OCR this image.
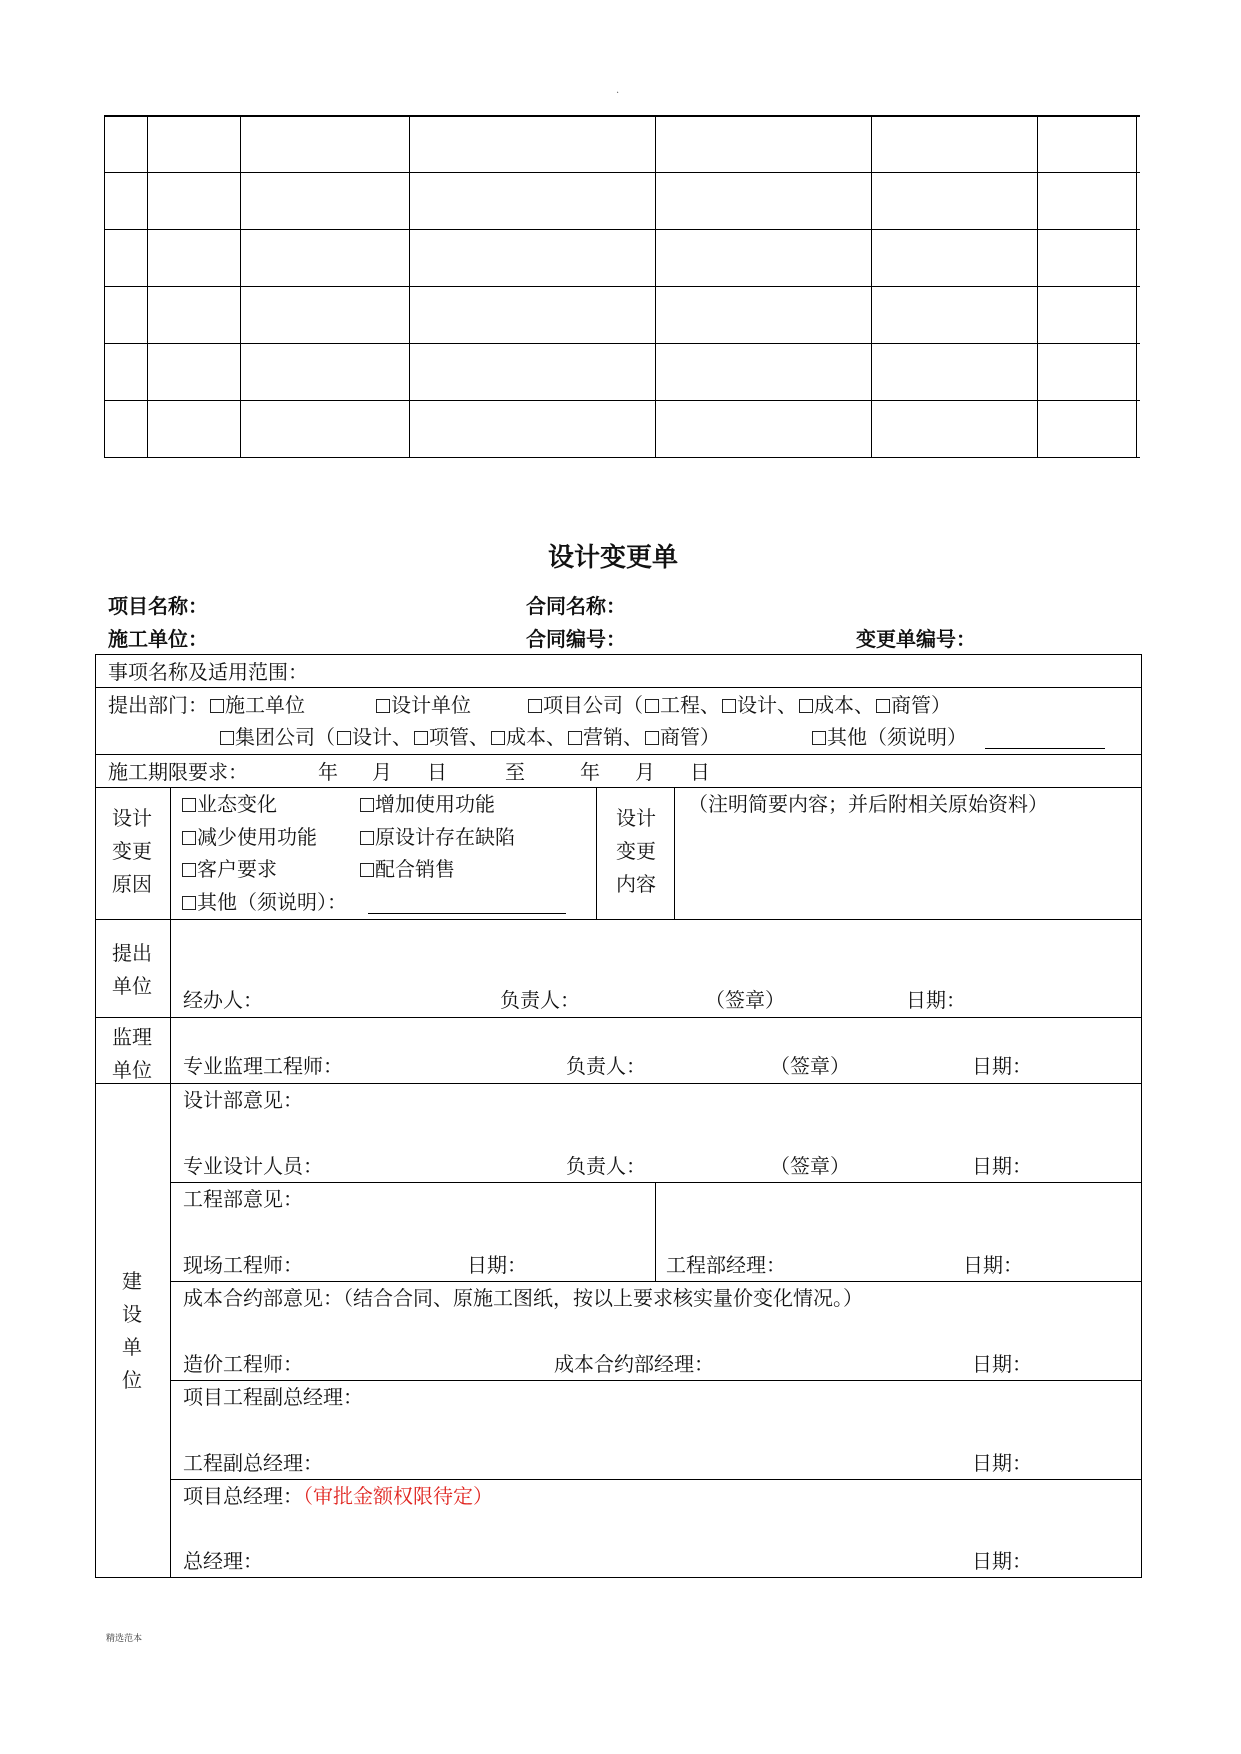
.
设计变更单
项目名称：	合同名称：
施工单位：	合同编号：	变更单编号：
事项名称及适用范围：
提出部门： 施工单位	设计单位	项目公司（ 工程、 设计、 成本、 商管）
集团公司（ 设计、 项管、 成本、 营销、 商管）	其他（须说明）
施工期限要求：	年 月 日	至	年 月 日
设计
变更
原因
业态变化	增加使用功能
减少使用功能	原设计存在缺陷
客户要求	配合销售
其他（须说明）：
设计
变更
内容
（注明简要内容；并后附相关原始资料）
提出
单位
经办人：	负责人：	（签章）	日期：
监理
单位 专业监理工程师：	负责人：	（签章）	日期：
建
设
单
位
设计部意见：
专业设计人员：	负责人：	（签章）	日期：
工程部意见：
现场工程师：	日期：	工程部经理：	日期：
成本合约部意见：（结合合同、原施工图纸，按以上要求核实量价变化情况。）
造价工程师：	成本合约部经理：	日期：
项目工程副总经理：
工程副总经理：	日期：
项目总经理：（审批金额权限待定）
总经理：	日期：
精选范本
